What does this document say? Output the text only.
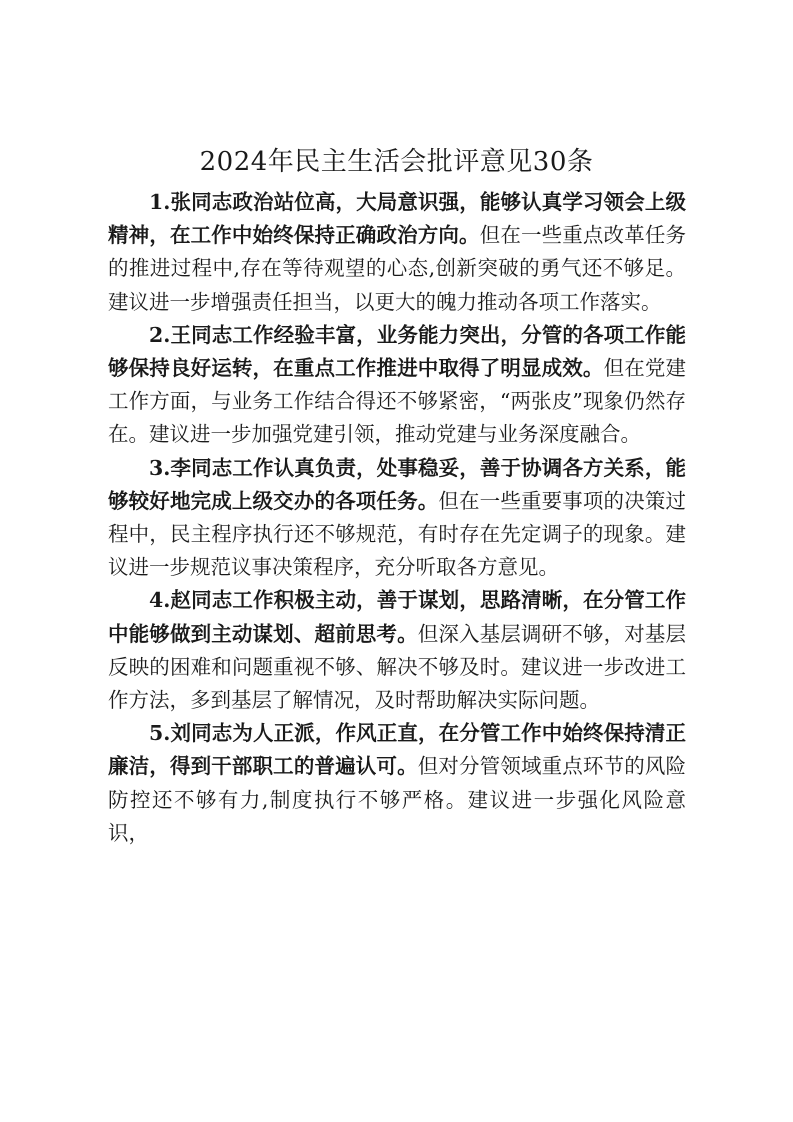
2024年民主生活会批评意见30条

1.张同志政治站位高，大局意识强，能够认真学习领会上级精神，在工作中始终保持正确政治方向。但在一些重点改革任务的推进过程中,存在等待观望的心态,创新突破的勇气还不够足。建议进一步增强责任担当，以更大的魄力推动各项工作落实。

2.王同志工作经验丰富，业务能力突出，分管的各项工作能够保持良好运转，在重点工作推进中取得了明显成效。但在党建工作方面，与业务工作结合得还不够紧密，“两张皮”现象仍然存在。建议进一步加强党建引领，推动党建与业务深度融合。

3.李同志工作认真负责，处事稳妥，善于协调各方关系，能够较好地完成上级交办的各项任务。但在一些重要事项的决策过程中，民主程序执行还不够规范，有时存在先定调子的现象。建议进一步规范议事决策程序，充分听取各方意见。

4.赵同志工作积极主动，善于谋划，思路清晰，在分管工作中能够做到主动谋划、超前思考。但深入基层调研不够，对基层反映的困难和问题重视不够、解决不够及时。建议进一步改进工作方法，多到基层了解情况，及时帮助解决实际问题。

5.刘同志为人正派，作风正直，在分管工作中始终保持清正廉洁，得到干部职工的普遍认可。但对分管领域重点环节的风险防控还不够有力,制度执行不够严格。建议进一步强化风险意识，
